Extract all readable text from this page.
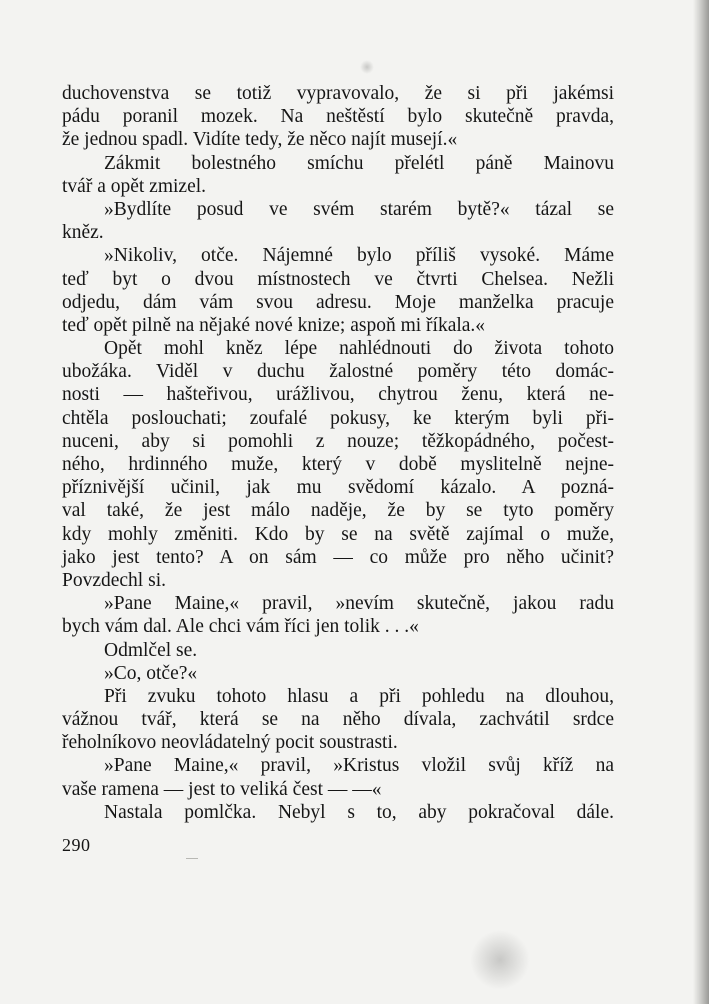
duchovenstva se totiž vypravovalo, že si při jakémsi
pádu poranil mozek. Na neštěstí bylo skutečně pravda,
že jednou spadl. Vidíte tedy, že něco najít musejí.«
Zákmit bolestného smíchu přelétl páně Mainovu
tvář a opět zmizel.
»Bydlíte posud ve svém starém bytě?« tázal se
kněz.
»Nikoliv, otče. Nájemné bylo příliš vysoké. Máme
teď byt o dvou místnostech ve čtvrti Chelsea. Nežli
odjedu, dám vám svou adresu. Moje manželka pracuje
teď opět pilně na nějaké nové knize; aspoň mi říkala.«
Opět mohl kněz lépe nahlédnouti do života tohoto
ubožáka. Viděl v duchu žalostné poměry této domác-
nosti — hašteřivou, urážlivou, chytrou ženu, která ne-
chtěla poslouchati; zoufalé pokusy, ke kterým byli při-
nuceni, aby si pomohli z nouze; těžkopádného, počest-
ného, hrdinného muže, který v době myslitelně nejne-
příznivější učinil, jak mu svědomí kázalo. A pozná-
val také, že jest málo naděje, že by se tyto poměry
kdy mohly změniti. Kdo by se na světě zajímal o muže,
jako jest tento? A on sám — co může pro něho učinit?
Povzdechl si.
»Pane Maine,« pravil, »nevím skutečně, jakou radu
bych vám dal. Ale chci vám říci jen tolik . . .«
Odmlčel se.
»Co, otče?«
Při zvuku tohoto hlasu a při pohledu na dlouhou,
vážnou tvář, která se na něho dívala, zachvátil srdce
řeholníkovo neovládatelný pocit soustrasti.
»Pane Maine,« pravil, »Kristus vložil svůj kříž na
vaše ramena — jest to veliká čest — —«
Nastala pomlčka. Nebyl s to, aby pokračoval dále.
290
